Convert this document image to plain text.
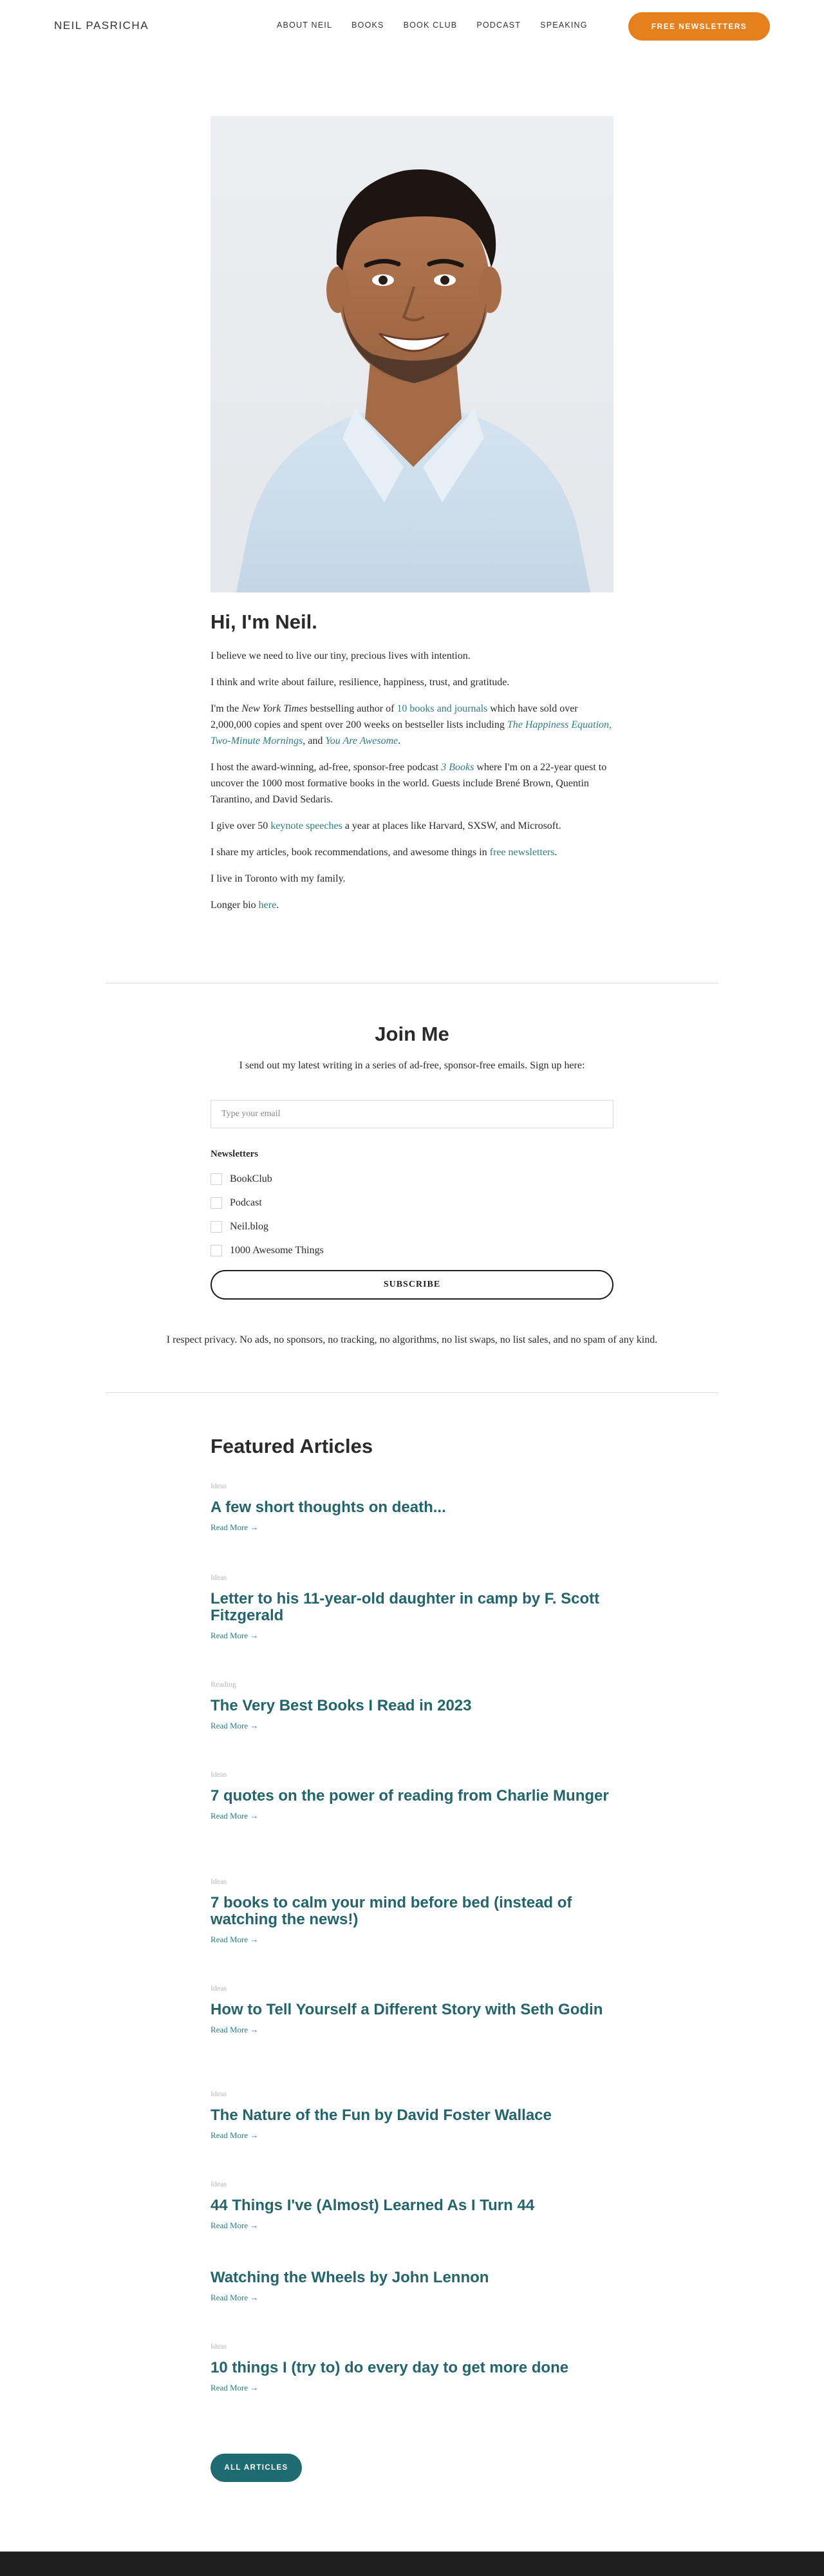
NEIL PASRICHA	ABOUT NEIL BOOKS BOOK CLUB PODCAST SPEAKING	FREE NEWSLETTERS
Hi, I'm Neil.

I believe we need to live our tiny, precious lives with intention.

I think and write about failure, resilience, happiness, trust, and gratitude.

I'm the New York Times bestselling author of 10 books and journals which have sold over 2,000,000 copies and spent over 200 weeks on bestseller lists including The Happiness Equation, Two-Minute Mornings, and You Are Awesome.

I host the award-winning, ad-free, sponsor-free podcast 3 Books where I'm on a 22-year quest to uncover the 1000 most formative books in the world. Guests include Brené Brown, Quentin Tarantino, and David Sedaris.

I give over 50 keynote speeches a year at places like Harvard, SXSW, and Microsoft.

I share my articles, book recommendations, and awesome things in free newsletters.

I live in Toronto with my family.

Longer bio here.

Join Me
I send out my latest writing in a series of ad-free, sponsor-free emails. Sign up here:
Type your email
Newsletters
BookClub
Podcast
Neil.blog
1000 Awesome Things
SUBSCRIBE
I respect privacy. No ads, no sponsors, no tracking, no algorithms, no list swaps, no list sales, and no spam of any kind.
Featured Articles
Ideas
A few short thoughts on death...
Read More →
Ideas
Letter to his 11-year-old daughter in camp by F. Scott Fitzgerald
Read More →
Reading
The Very Best Books I Read in 2023
Read More →
Ideas
7 quotes on the power of reading from Charlie Munger
Read More →
Ideas
7 books to calm your mind before bed (instead of watching the news!)
Read More →
Ideas
How to Tell Yourself a Different Story with Seth Godin
Read More →
Ideas
The Nature of the Fun by David Foster Wallace
Read More →
Ideas
44 Things I've (Almost) Learned As I Turn 44
Read More →
Watching the Wheels by John Lennon
Read More →
Ideas
10 things I (try to) do every day to get more done
Read More →
ALL ARTICLES
